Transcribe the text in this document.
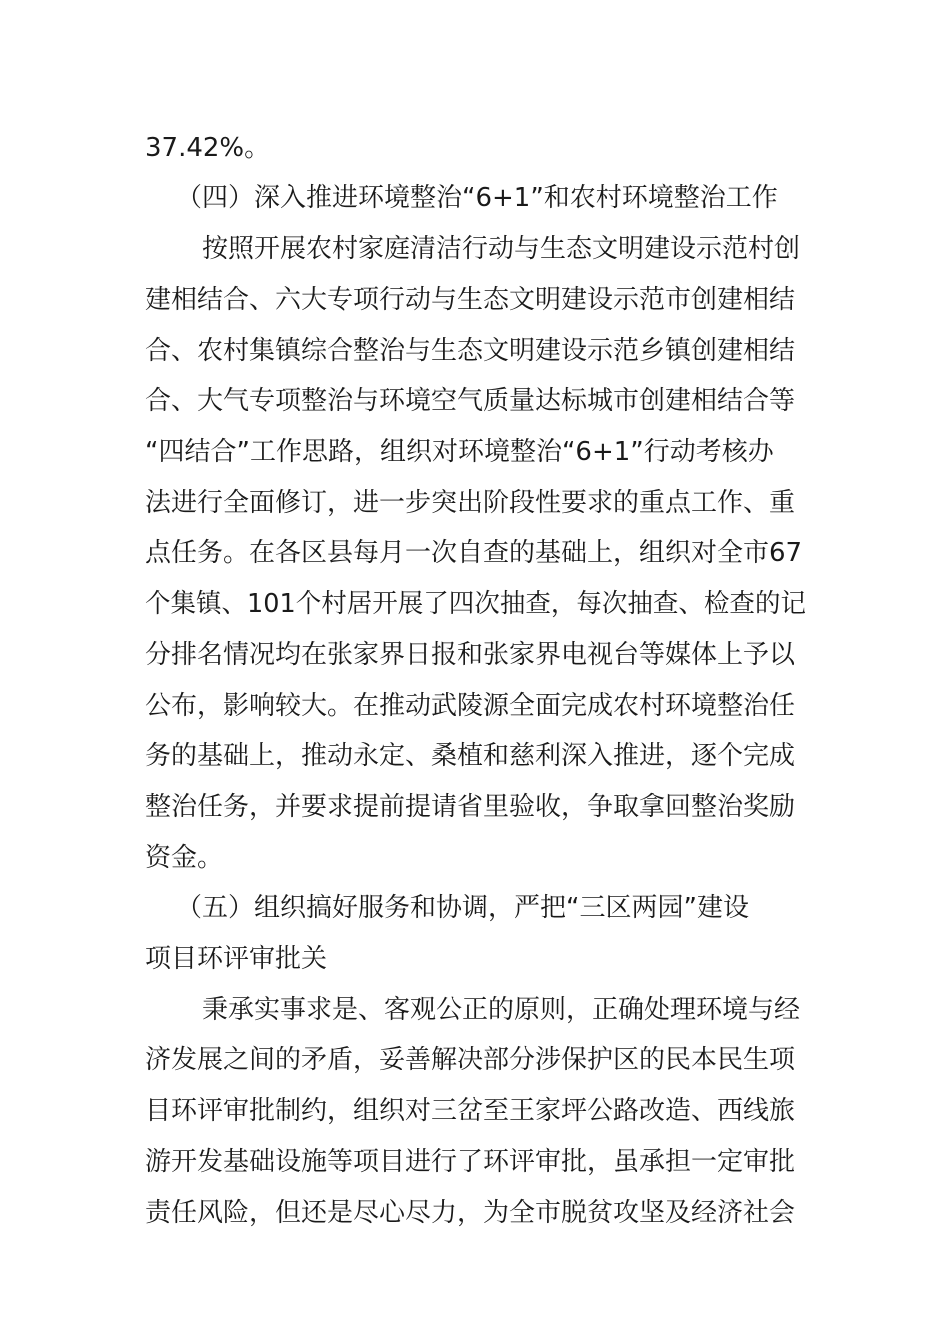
37.42%。
（四）深入推进环境整治“6+1”和农村环境整治工作
按照开展农村家庭清洁行动与生态文明建设示范村创
建相结合、六大专项行动与生态文明建设示范市创建相结
合、农村集镇综合整治与生态文明建设示范乡镇创建相结
合、大气专项整治与环境空气质量达标城市创建相结合等
“四结合”工作思路，组织对环境整治“6+1”行动考核办
法进行全面修订，进一步突出阶段性要求的重点工作、重
点任务。在各区县每月一次自查的基础上，组织对全市67
个集镇、101个村居开展了四次抽查，每次抽查、检查的记
分排名情况均在张家界日报和张家界电视台等媒体上予以
公布，影响较大。在推动武陵源全面完成农村环境整治任
务的基础上，推动永定、桑植和慈利深入推进，逐个完成
整治任务，并要求提前提请省里验收，争取拿回整治奖励
资金。
（五）组织搞好服务和协调，严把“三区两园”建设
项目环评审批关
秉承实事求是、客观公正的原则，正确处理环境与经
济发展之间的矛盾，妥善解决部分涉保护区的民本民生项
目环评审批制约，组织对三岔至王家坪公路改造、西线旅
游开发基础设施等项目进行了环评审批，虽承担一定审批
责任风险，但还是尽心尽力，为全市脱贫攻坚及经济社会
